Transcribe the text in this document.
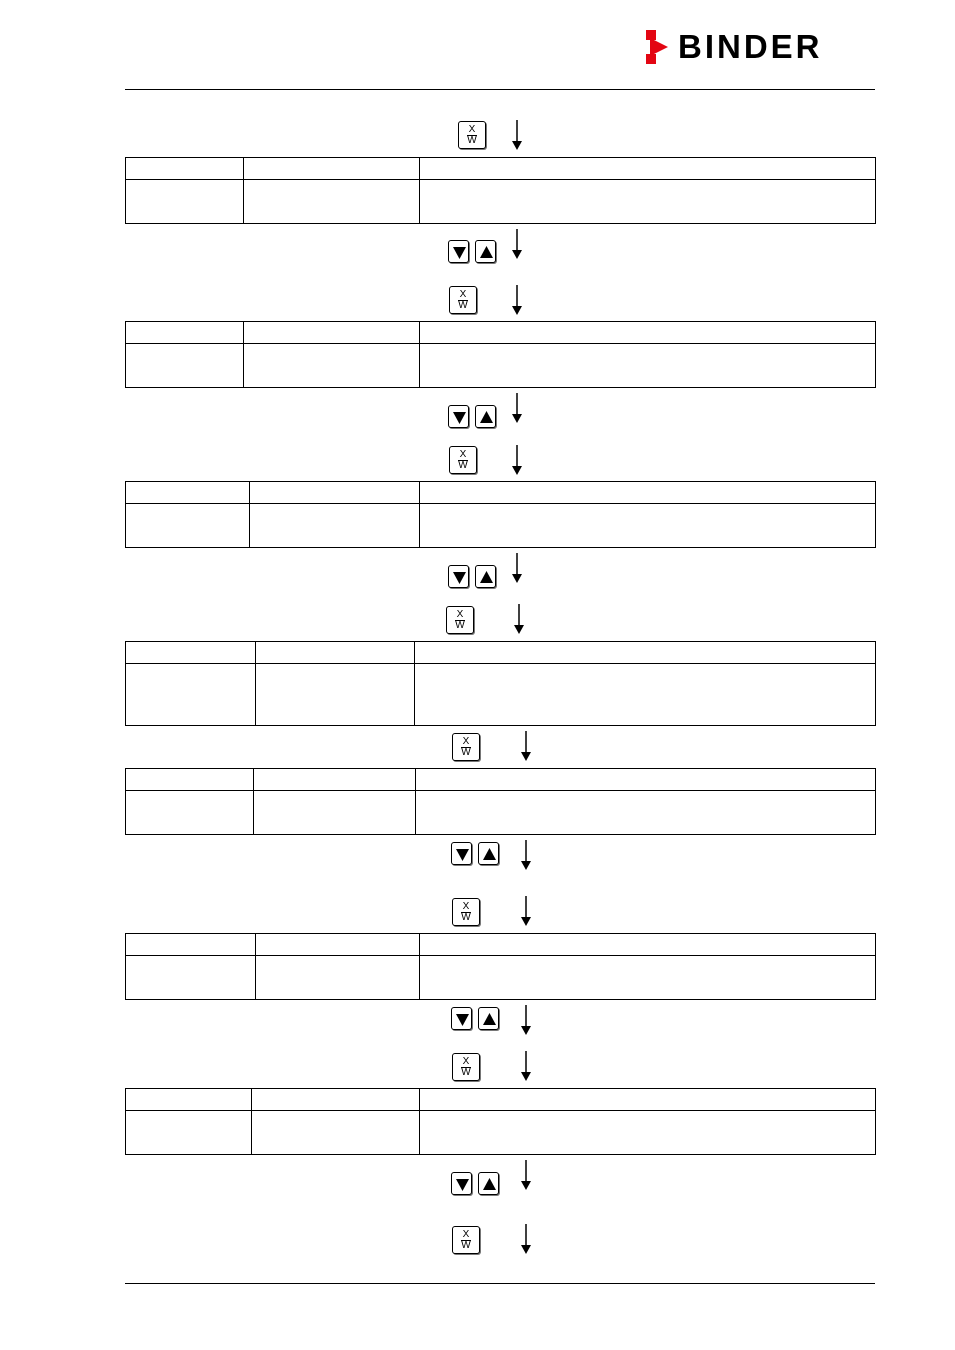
BINDER
X
W

X
W

X
W

X
W

X
W

X
W

X
W

X
W
